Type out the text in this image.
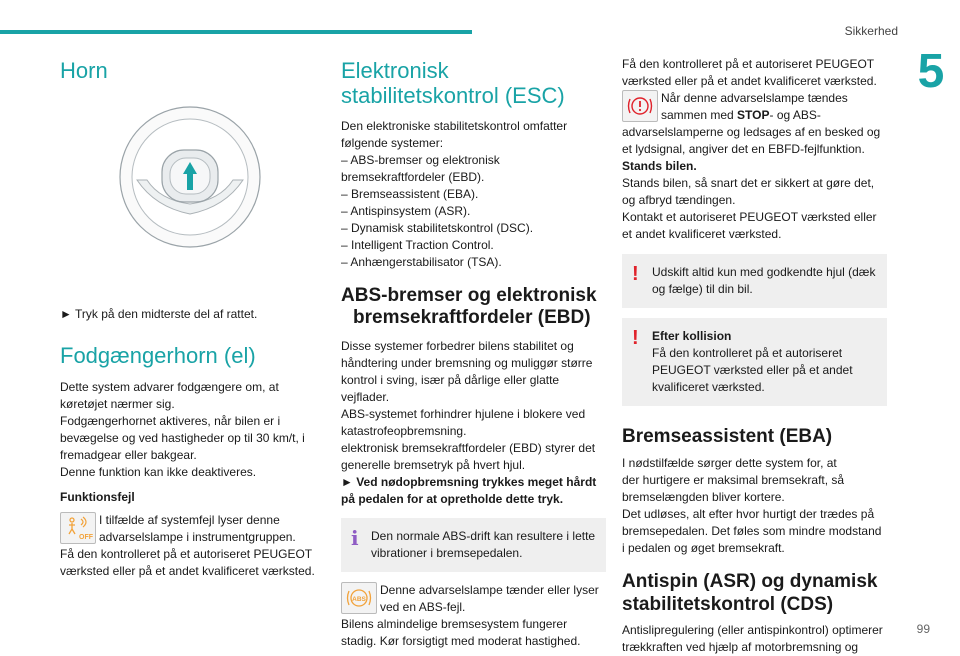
Sikkerhed
5
Horn

► Tryk på den midterste del af rattet.

Fodgængerhorn (el)

Dette system advarer fodgængere om, at
køretøjet nærmer sig.
Fodgængerhornet aktiveres, når bilen er i
bevægelse og ved hastigheder op til 30 km/t, i
fremadgear eller bakgear.
Denne funktion kan ikke deaktiveres.

Funktionsfejl

OFF

I tilfælde af systemfejl lyser denne
advarselslampe i instrumentgruppen.

Få den kontrolleret på et autoriseret PEUGEOT
værksted eller på et andet kvalificeret værksted.

Elektronisk
stabilitetskontrol (ESC)

Den elektroniske stabilitetskontrol omfatter
følgende systemer:

– ABS-bremser og elektronisk
bremsekraftfordeler (EBD).
– Bremseassistent (EBA).
– Antispinsystem (ASR).
– Dynamisk stabilitetskontrol (DSC).
– Intelligent Traction Control.
– Anhængerstabilisator (TSA).

ABS-bremser og elektronisk
bremsekraftfordeler (EBD)

Disse systemer forbedrer bilens stabilitet og
håndtering under bremsning og muliggør større
kontrol i sving, især på dårlige eller glatte
vejflader.
ABS-systemet forhindrer hjulene i blokere ved
katastrofeopbremsning.
elektronisk bremsekraftfordeler (EBD) styrer det
generelle bremsetryk på hvert hjul.

► Ved nødopbremsning trykkes meget hårdt
på pedalen for at opretholde dette tryk.

i Den normale ABS-drift kan resultere i lette vibrationer i bremsepedalen.
ABS

Denne advarselslampe tænder eller lyser
ved en ABS-fejl.

Bilens almindelige bremsesystem fungerer
stadig. Kør forsigtigt med moderat hastighed.

Få den kontrolleret på et autoriseret PEUGEOT
værksted eller på et andet kvalificeret værksted.

Når denne advarselslampe tændes
sammen med STOP- og ABS-

advarselslamperne og ledsages af en besked og
et lydsignal, angiver det en EBFD-fejlfunktion.

Stands bilen.

Stands bilen, så snart det er sikkert at gøre det,
og afbryd tændingen.
Kontakt et autoriseret PEUGEOT værksted eller
et andet kvalificeret værksted.

! Udskift altid kun med godkendte hjul (dæk og fælge) til din bil.
! Efter kollision
Få den kontrolleret på et autoriseret PEUGEOT værksted eller på et andet kvalificeret værksted.
Bremseassistent (EBA)

I nødstilfælde sørger dette system for, at
der hurtigere er maksimal bremsekraft, så
bremselængden bliver kortere.
Det udløses, alt efter hvor hurtigt der trædes på
bremsepedalen. Det føles som mindre modstand
i pedalen og øget bremsekraft.

Antispin (ASR) og dynamisk
stabilitetskontrol (CDS)

Antislipregulering (eller antispinkontrol) optimerer
trækkraften ved hjælp af motorbremsning og

99
